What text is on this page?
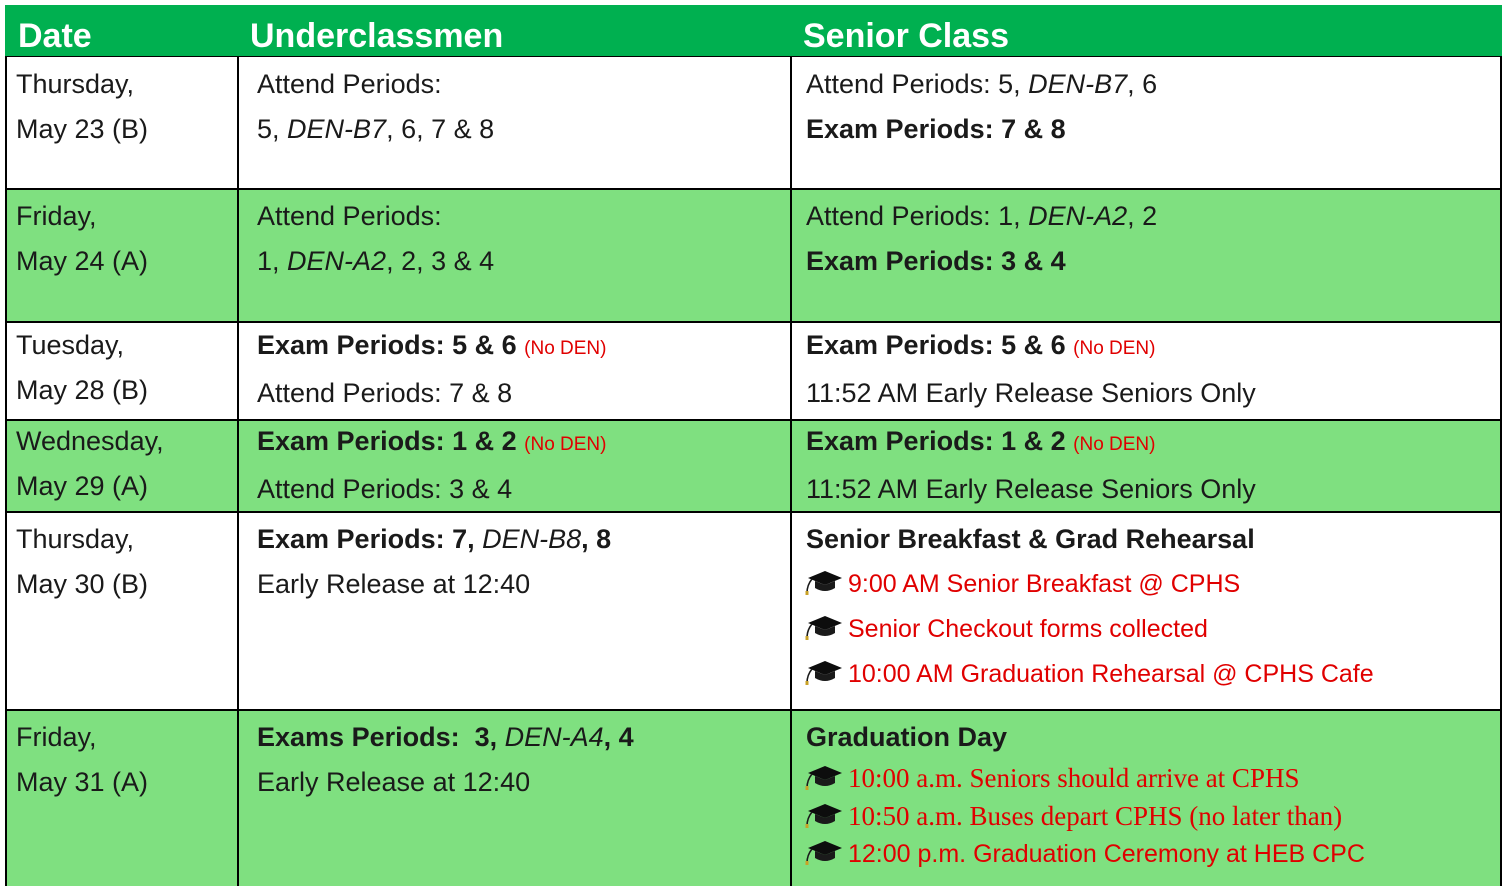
Date	Underclassmen	Senior Class
Thursday,
May 23 (B)
Attend Periods:
5, DEN-B7, 6, 7 & 8
Attend Periods: 5, DEN-B7, 6
Exam Periods: 7 & 8
Friday,
May 24 (A)
Attend Periods:
1, DEN-A2, 2, 3 & 4
Attend Periods: 1, DEN-A2, 2
Exam Periods: 3 & 4
Tuesday,
May 28 (B)
Exam Periods: 5 & 6 (No DEN)
Attend Periods: 7 & 8
Exam Periods: 5 & 6 (No DEN)
11:52 AM Early Release Seniors Only
Wednesday,
May 29 (A)
Exam Periods: 1 & 2 (No DEN)
Attend Periods: 3 & 4
Exam Periods: 1 & 2 (No DEN)
11:52 AM Early Release Seniors Only
Thursday,
May 30 (B)
Exam Periods: 7, DEN-B8, 8
Early Release at 12:40
Senior Breakfast & Grad Rehearsal
9:00 AM Senior Breakfast @ CPHS
Senior Checkout forms collected
10:00 AM Graduation Rehearsal @ CPHS Cafe
Friday,
May 31 (A)
Exams Periods:  3, DEN-A4, 4
Early Release at 12:40
Graduation Day
10:00 a.m. Seniors should arrive at CPHS
10:50 a.m. Buses depart CPHS (no later than)
12:00 p.m. Graduation Ceremony at HEB CPC
